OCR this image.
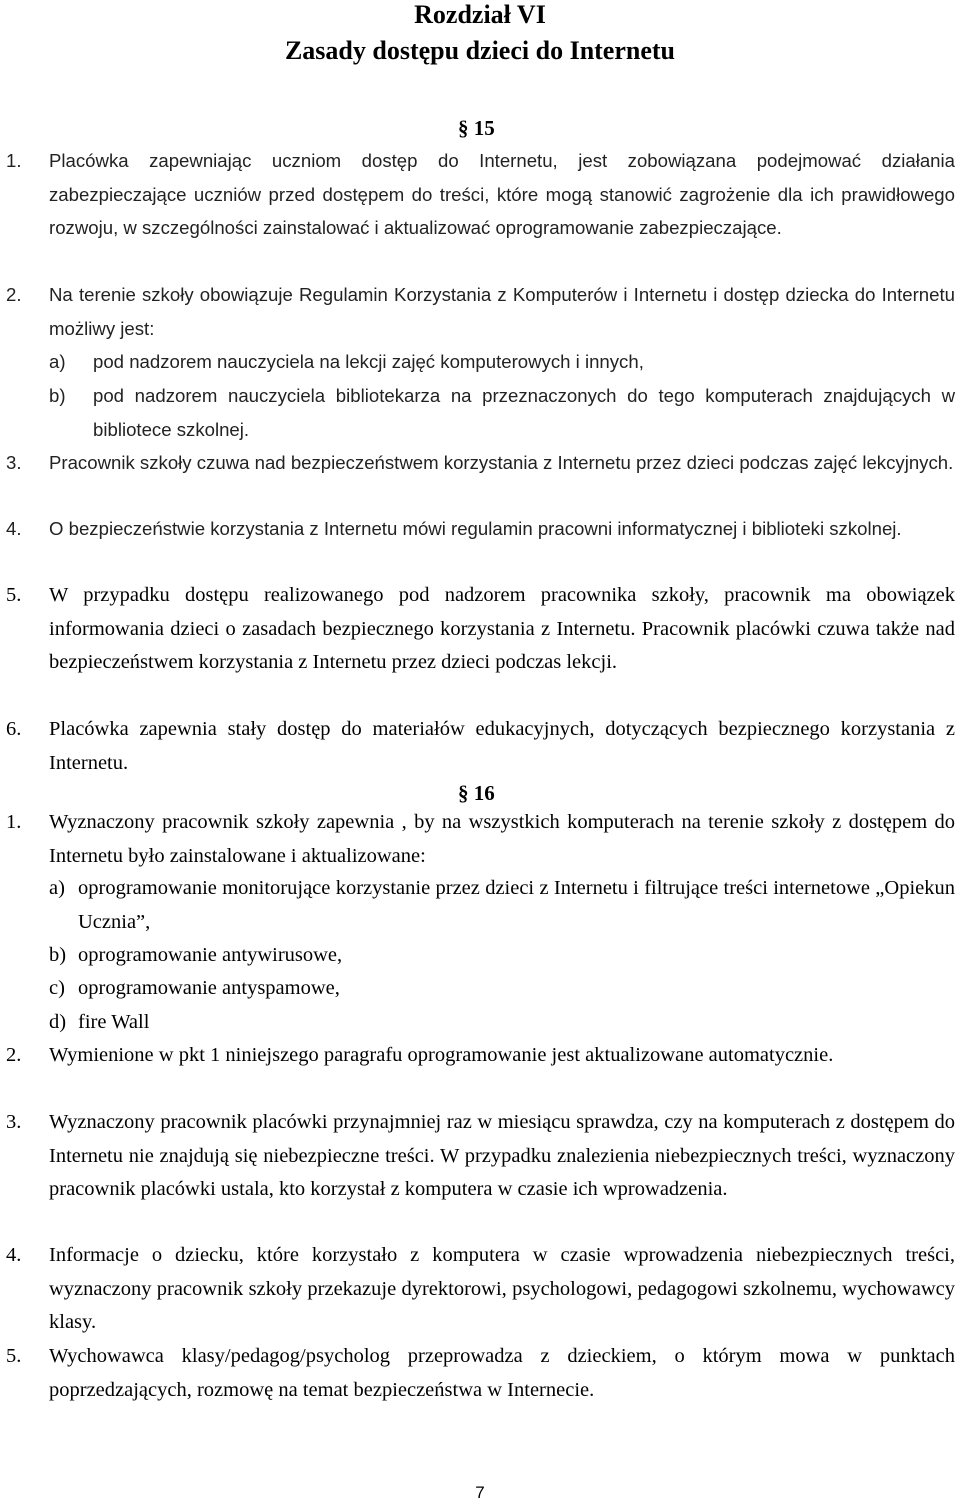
Rozdział VI
Zasady dostępu dzieci do Internetu
§ 15
1. Placówka zapewniając uczniom dostęp do Internetu, jest zobowiązana podejmować działania zabezpieczające uczniów przed dostępem do treści, które mogą stanowić zagrożenie dla ich prawidłowego rozwoju, w szczególności zainstalować i aktualizować oprogramowanie zabezpieczające.
2. Na terenie szkoły obowiązuje Regulamin Korzystania z Komputerów i Internetu i dostęp dziecka do Internetu możliwy jest:
a) pod nadzorem nauczyciela na lekcji zajęć komputerowych i innych,
b) pod nadzorem nauczyciela bibliotekarza na przeznaczonych do tego komputerach znajdujących w bibliotece szkolnej.
3. Pracownik szkoły czuwa nad bezpieczeństwem korzystania z Internetu przez dzieci podczas zajęć lekcyjnych.
4. O bezpieczeństwie korzystania z Internetu mówi regulamin pracowni informatycznej i biblioteki szkolnej.
5. W przypadku dostępu realizowanego pod nadzorem pracownika szkoły, pracownik ma obowiązek informowania dzieci o zasadach bezpiecznego korzystania z Internetu. Pracownik placówki czuwa także nad bezpieczeństwem korzystania z Internetu przez dzieci podczas lekcji.
6. Placówka zapewnia stały dostęp do materiałów edukacyjnych, dotyczących bezpiecznego korzystania z Internetu.
§ 16
1. Wyznaczony pracownik szkoły zapewnia , by na wszystkich komputerach na terenie szkoły z dostępem do Internetu było zainstalowane i aktualizowane:
a) oprogramowanie monitorujące korzystanie przez dzieci z Internetu i filtrujące treści internetowe „Opiekun Ucznia”,
b) oprogramowanie antywirusowe,
c) oprogramowanie antyspamowe,
d) fire Wall
2. Wymienione w pkt 1 niniejszego paragrafu oprogramowanie jest aktualizowane automatycznie.
3. Wyznaczony pracownik placówki przynajmniej raz w miesiącu sprawdza, czy na komputerach z dostępem do Internetu nie znajdują się niebezpieczne treści. W przypadku znalezienia niebezpiecznych treści, wyznaczony pracownik placówki ustala, kto korzystał z komputera w czasie ich wprowadzenia.
4. Informacje o dziecku, które korzystało z komputera w czasie wprowadzenia niebezpiecznych treści, wyznaczony pracownik szkoły przekazuje dyrektorowi, psychologowi, pedagogowi szkolnemu, wychowawcy klasy.
5. Wychowawca klasy/pedagog/psycholog przeprowadza z dzieckiem, o którym mowa w punktach poprzedzających, rozmowę na temat bezpieczeństwa w Internecie.
7
